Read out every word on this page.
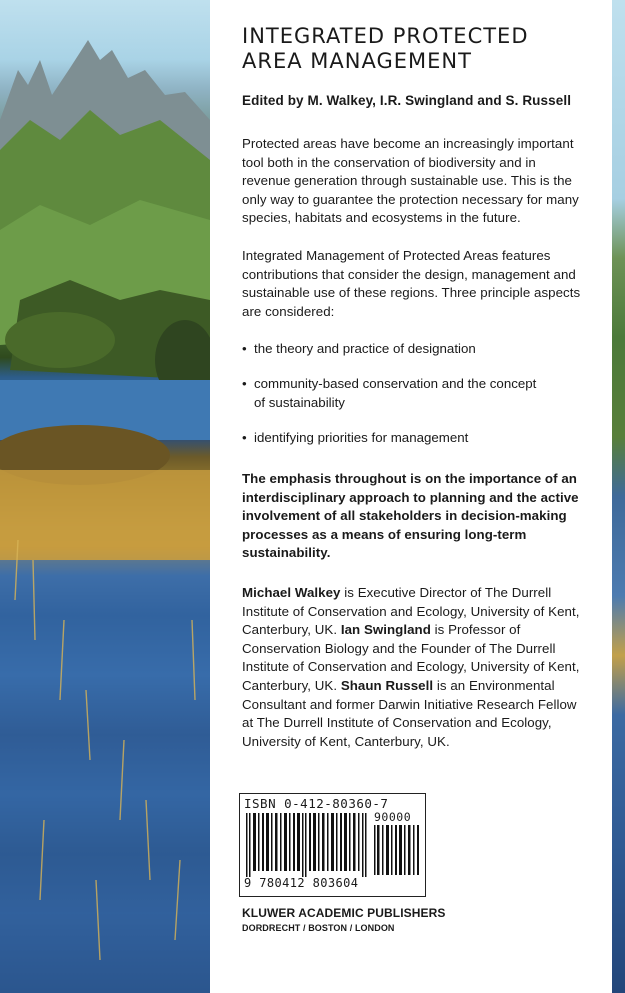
INTEGRATED PROTECTED
AREA MANAGEMENT

Edited by M. Walkey, I.R. Swingland and S. Russell

Protected areas have become an increasingly important tool both in the conservation of biodiversity and in revenue generation through sustainable use. This is the only way to guarantee the protection necessary for many species, habitats and ecosystems in the future.

Integrated Management of Protected Areas features contributions that consider the design, management and sustainable use of these regions. Three principle aspects are considered:

• the theory and practice of designation

• community-based conservation and the concept
of sustainability

• identifying priorities for management

The emphasis throughout is on the importance of an interdisciplinary approach to planning and the active involvement of all stakeholders in decision-making processes as a means of ensuring long-term sustainability.

Michael Walkey is Executive Director of The Durrell Institute of Conservation and Ecology, University of Kent, Canterbury, UK. Ian Swingland is Professor of Conservation Biology and the Founder of The Durrell Institute of Conservation and Ecology, University of Kent, Canterbury, UK. Shaun Russell is an Environmental Consultant and former Darwin Initiative Research Fellow at The Durrell Institute of Conservation and Ecology, University of Kent, Canterbury, UK.

ISBN 0-412-80360-7

90000

9 780412 803604

KLUWER ACADEMIC PUBLISHERS

DORDRECHT / BOSTON / LONDON
